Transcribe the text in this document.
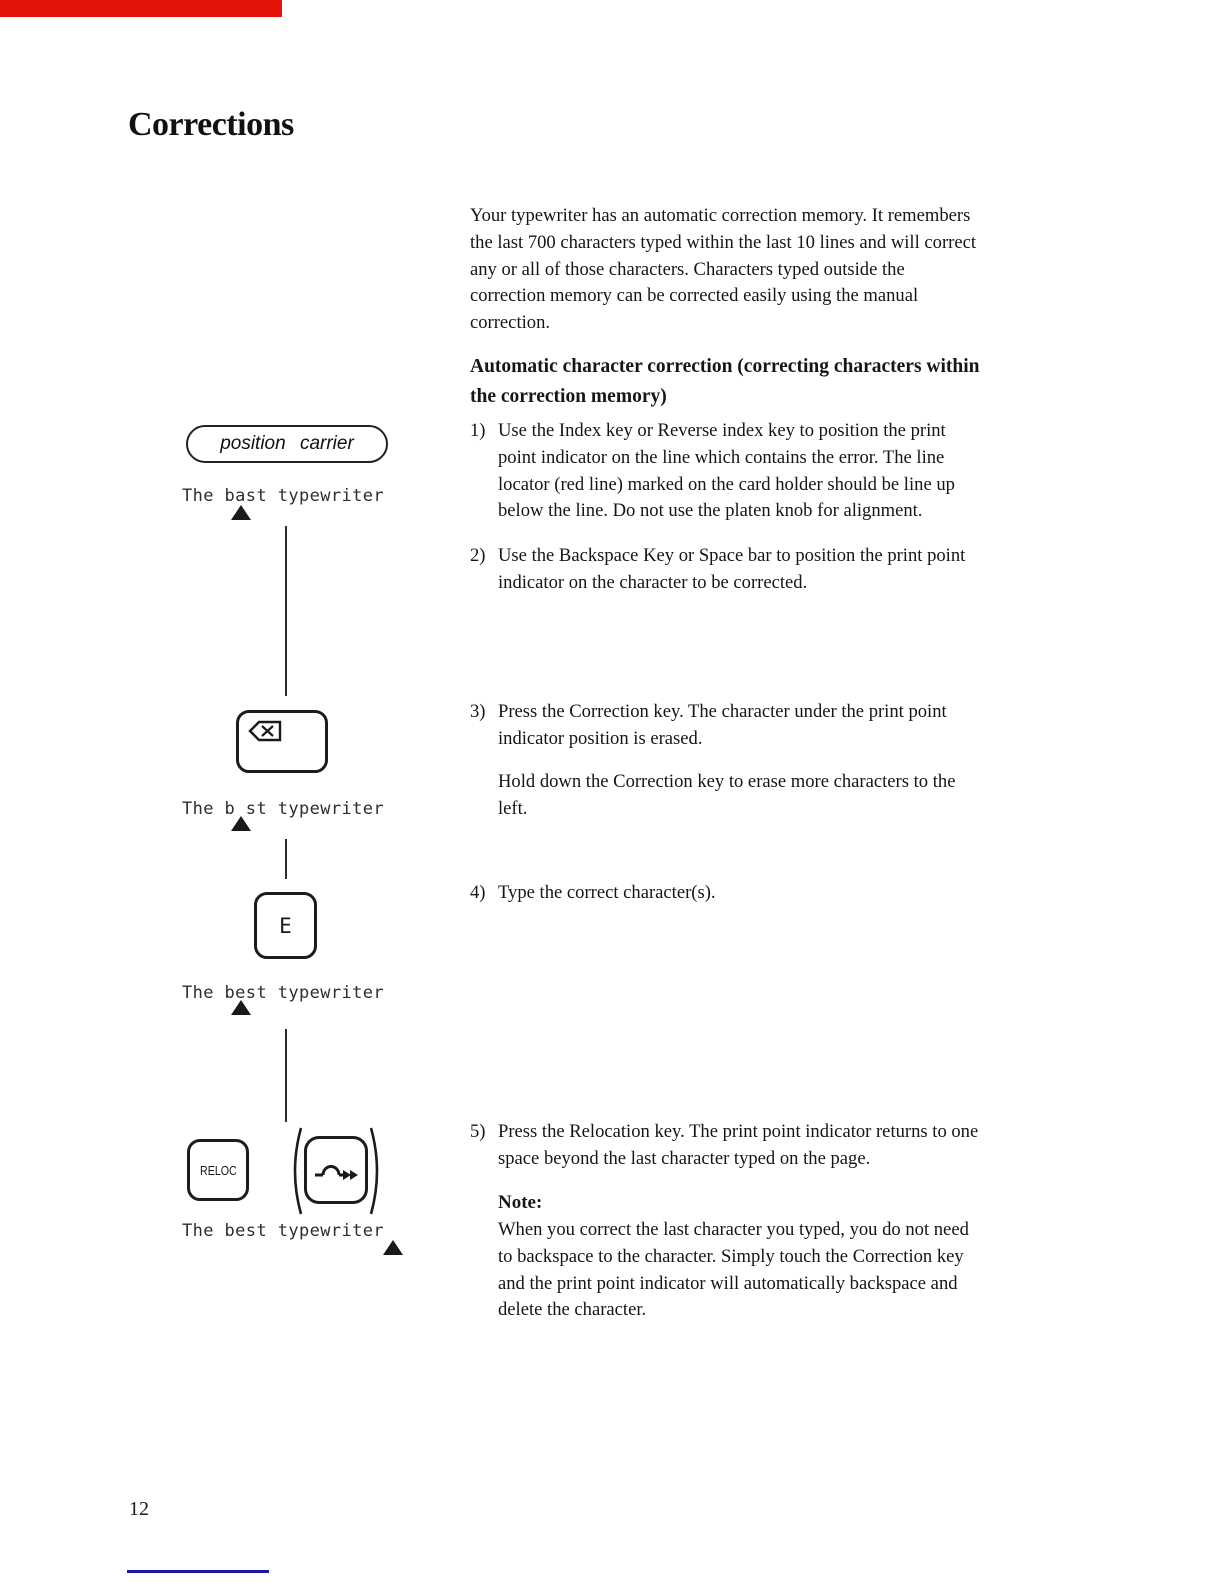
Corrections
Your typewriter has an automatic correction memory. It remembers
the last 700 characters typed within the last 10 lines and will correct
any or all of those characters. Characters typed outside the
correction memory can be corrected easily using the manual
correction.
Automatic character correction (correcting characters within
the correction memory)
1) Use the Index key or Reverse index key to position the print
point indicator on the line which contains the error. The line
locator (red line) marked on the card holder should be line up
below the line. Do not use the platen knob for alignment.
2) Use the Backspace Key or Space bar to position the print point
indicator on the character to be corrected.
3) Press the Correction key. The character under the print point
indicator position is erased.
Hold down the Correction key to erase more characters to the
left.
4) Type the correct character(s).
5) Press the Relocation key. The print point indicator returns to one
space beyond the last character typed on the page.
Note:
When you correct the last character you typed, you do not need
to backspace to the character. Simply touch the Correction key
and the print point indicator will automatically backspace and
delete the character.
position carrier
The bast typewriter
The b st typewriter
E
The best typewriter
RELOC
The best typewriter
12
